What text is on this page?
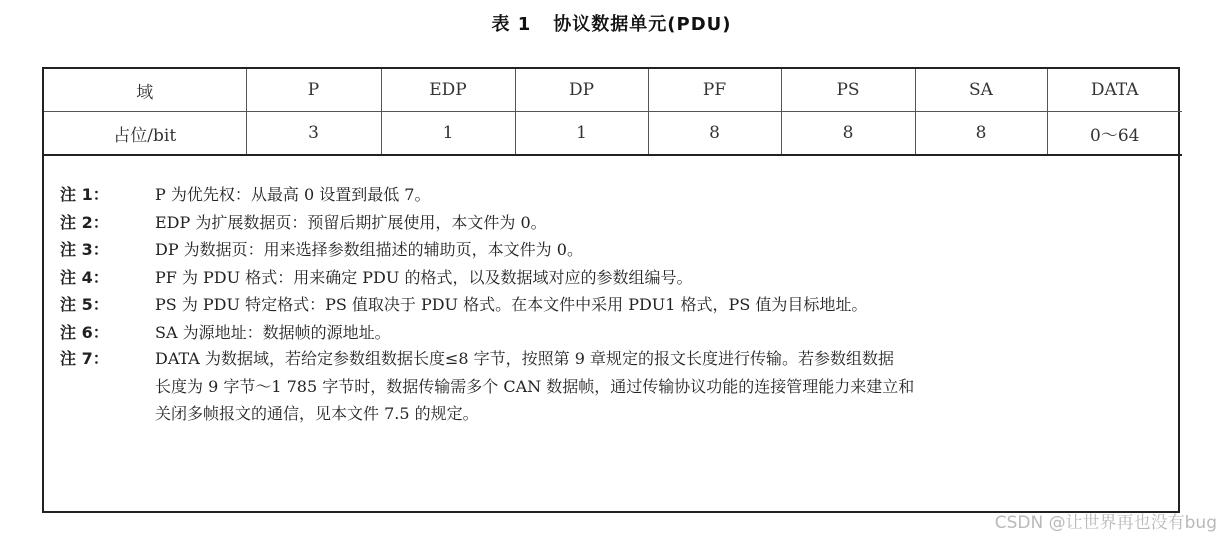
表 1 协议数据单元(PDU)
域	P	EDP	DP	PF	PS	SA	DATA
占位/bit	3	1	1	8	8	8	0～64
注 1：	P 为优先权：从最高 0 设置到最低 7。
注 2：	EDP 为扩展数据页：预留后期扩展使用，本文件为 0。
注 3：	DP 为数据页：用来选择参数组描述的辅助页，本文件为 0。
注 4：	PF 为 PDU 格式：用来确定 PDU 的格式，以及数据域对应的参数组编号。
注 5：	PS 为 PDU 特定格式：PS 值取决于 PDU 格式。在本文件中采用 PDU1 格式，PS 值为目标地址。
注 6：	SA 为源地址：数据帧的源地址。
注 7：	DATA 为数据域，若给定参数组数据长度≤8 字节，按照第 9 章规定的报文长度进行传输。若参数组数据
长度为 9 字节～1 785 字节时，数据传输需多个 CAN 数据帧，通过传输协议功能的连接管理能力来建立和
关闭多帧报文的通信，见本文件 7.5 的规定。
CSDN @让世界再也没有bug
